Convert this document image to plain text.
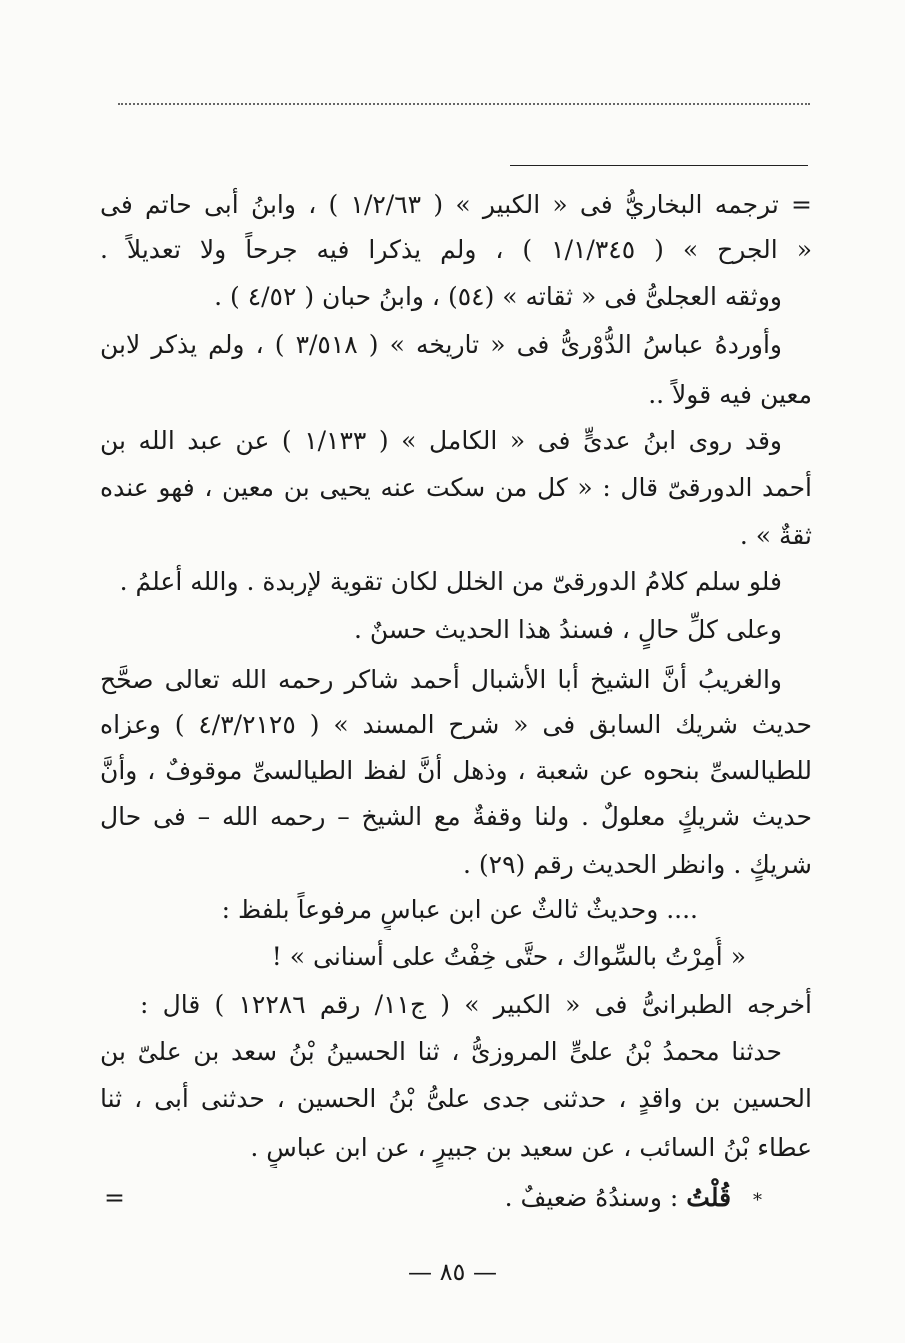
= ترجمه البخاريُّ فى « الكبير » ( ١/٢/٦٣ ) ، وابنُ أبى حاتم فى
« الجرح » ( ١/١/٣٤٥ ) ، ولم يذكرا فيه جرحاً ولا تعديلاً .
ووثقه العجلىُّ فى « ثقاته » (٥٤) ، وابنُ حبان ( ٤/٥٢ ) .
وأوردهُ عباسُ الدُّوْرىُّ فى « تاريخه » ( ٣/٥١٨ ) ، ولم يذكر لابن
معين فيه قولاً ..
وقد روى ابنُ عدىٍّ فى « الكامل » ( ١/١٣٣ ) عن عبد الله بن
أحمد الدورقىّ قال : « كل من سكت عنه يحيى بن معين ، فهو عنده
ثقةٌ » .
فلو سلم كلامُ الدورقىّ من الخلل لكان تقوية لإربدة . والله أعلمُ .
وعلى كلِّ حالٍ ، فسندُ هذا الحديث حسنٌ .
والغريبُ أنَّ الشيخ أبا الأشبال أحمد شاكر رحمه الله تعالى صحَّح
حديث شريك السابق فى « شرح المسند » ( ٤/٣/٢١٢٥ ) وعزاه
للطيالسىِّ بنحوه عن شعبة ، وذهل أنَّ لفظ الطيالسىِّ موقوفٌ ، وأنَّ
حديث شريكٍ معلولٌ . ولنا وقفةٌ مع الشيخ – رحمه الله – فى حال
شريكٍ . وانظر الحديث رقم (٢٩) .
.... وحديثٌ ثالثٌ عن ابن عباسٍ مرفوعاً بلفظ :
« أُمِرْتُ بالسِّواك ، حتَّى خِفْتُ على أسنانى » !
أخرجه الطبرانىُّ فى « الكبير » ( ج١١/ رقم ١٢٢٨٦ ) قال :
حدثنا محمدُ بْنُ علىٍّ المروزىُّ ، ثنا الحسينُ بْنُ سعد بن علىّ بن
الحسين بن واقدٍ ، حدثنى جدى علىُّ بْنُ الحسين ، حدثنى أبى ، ثنا
عطاء بْنُ السائب ، عن سعيد بن جبيرٍ ، عن ابن عباسٍ .
* قُلْتُ : وسندُهُ ضعيفٌ .
=
— ٨٥ —
